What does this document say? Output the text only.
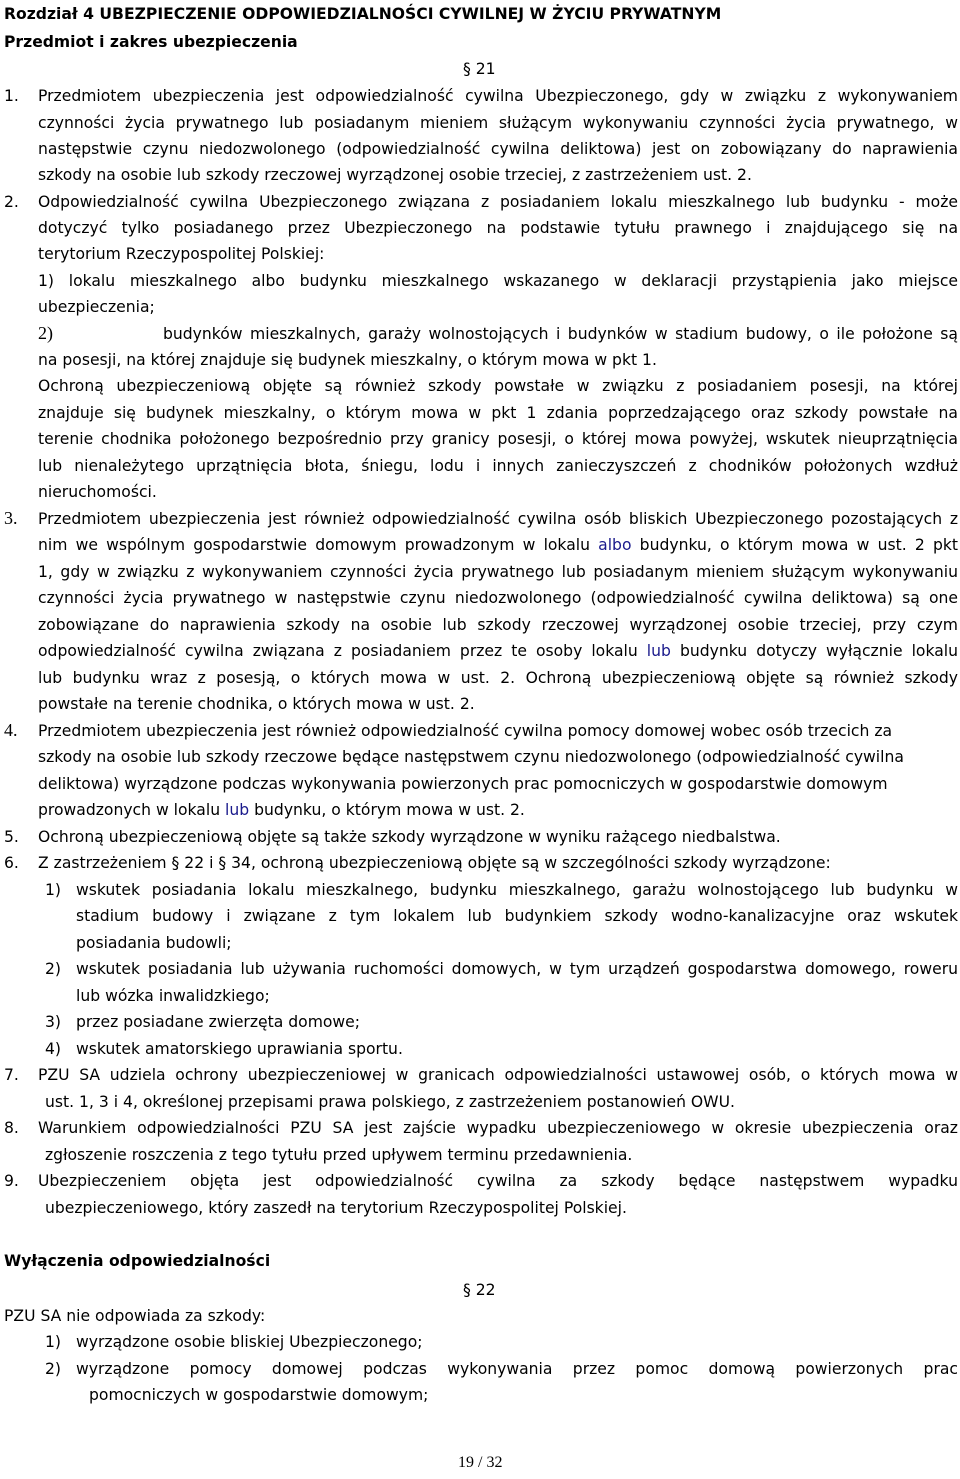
Rozdział 4 UBEZPIECZENIE ODPOWIEDZIALNOŚCI CYWILNEJ W ŻYCIU PRYWATNYM
Przedmiot i zakres ubezpieczenia
§ 21
1. Przedmiotem ubezpieczenia jest odpowiedzialność cywilna Ubezpieczonego, gdy w związku z wykonywaniem
czynności życia prywatnego lub posiadanym mieniem służącym wykonywaniu czynności życia prywatnego, w
następstwie czynu niedozwolonego (odpowiedzialność cywilna deliktowa) jest on zobowiązany do naprawienia
szkody na osobie lub szkody rzeczowej wyrządzonej osobie trzeciej, z zastrzeżeniem ust. 2.
2. Odpowiedzialność cywilna Ubezpieczonego związana z posiadaniem lokalu mieszkalnego lub budynku - może
dotyczyć tylko posiadanego przez Ubezpieczonego na podstawie tytułu prawnego i znajdującego się na
terytorium Rzeczypospolitej Polskiej:
1) lokalu mieszkalnego albo budynku mieszkalnego wskazanego w deklaracji przystąpienia jako miejsce
ubezpieczenia;
2)	budynków mieszkalnych, garaży wolnostojących i budynków w stadium budowy, o ile położone są
na posesji, na której znajduje się budynek mieszkalny, o którym mowa w pkt 1.
Ochroną ubezpieczeniową objęte są również szkody powstałe w związku z posiadaniem posesji, na której
znajduje się budynek mieszkalny, o którym mowa w pkt 1 zdania poprzedzającego oraz szkody powstałe na
terenie chodnika położonego bezpośrednio przy granicy posesji, o której mowa powyżej, wskutek nieuprzątnięcia
lub nienależytego uprzątnięcia błota, śniegu, lodu i innych zanieczyszczeń z chodników położonych wzdłuż
nieruchomości.
3. Przedmiotem ubezpieczenia jest również odpowiedzialność cywilna osób bliskich Ubezpieczonego pozostających z
nim we wspólnym gospodarstwie domowym prowadzonym w lokalu albo budynku, o którym mowa w ust. 2 pkt
1, gdy w związku z wykonywaniem czynności życia prywatnego lub posiadanym mieniem służącym wykonywaniu
czynności życia prywatnego w następstwie czynu niedozwolonego (odpowiedzialność cywilna deliktowa) są one
zobowiązane do naprawienia szkody na osobie lub szkody rzeczowej wyrządzonej osobie trzeciej, przy czym
odpowiedzialność cywilna związana z posiadaniem przez te osoby lokalu lub budynku dotyczy wyłącznie lokalu
lub budynku wraz z posesją, o których mowa w ust. 2. Ochroną ubezpieczeniową objęte są również szkody
powstałe na terenie chodnika, o których mowa w ust. 2.
4. Przedmiotem ubezpieczenia jest również odpowiedzialność cywilna pomocy domowej wobec osób trzecich za
szkody na osobie lub szkody rzeczowe będące następstwem czynu niedozwolonego (odpowiedzialność cywilna
deliktowa) wyrządzone podczas wykonywania powierzonych prac pomocniczych w gospodarstwie domowym
prowadzonych w lokalu lub budynku, o którym mowa w ust. 2.
5. Ochroną ubezpieczeniową objęte są także szkody wyrządzone w wyniku rażącego niedbalstwa.
6. Z zastrzeżeniem § 22 i § 34, ochroną ubezpieczeniową objęte są w szczególności szkody wyrządzone:
1) wskutek posiadania lokalu mieszkalnego, budynku mieszkalnego, garażu wolnostojącego lub budynku w
stadium budowy i związane z tym lokalem lub budynkiem szkody wodno-kanalizacyjne oraz wskutek
posiadania budowli;
2) wskutek posiadania lub używania ruchomości domowych, w tym urządzeń gospodarstwa domowego, roweru
lub wózka inwalidzkiego;
3) przez posiadane zwierzęta domowe;
4) wskutek amatorskiego uprawiania sportu.
7. PZU SA udziela ochrony ubezpieczeniowej w granicach odpowiedzialności ustawowej osób, o których mowa w
ust. 1, 3 i 4, określonej przepisami prawa polskiego, z zastrzeżeniem postanowień OWU.
8. Warunkiem odpowiedzialności PZU SA jest zajście wypadku ubezpieczeniowego w okresie ubezpieczenia oraz
zgłoszenie roszczenia z tego tytułu przed upływem terminu przedawnienia.
9. Ubezpieczeniem objęta jest odpowiedzialność cywilna za szkody będące następstwem wypadku
ubezpieczeniowego, który zaszedł na terytorium Rzeczypospolitej Polskiej.
Wyłączenia odpowiedzialności
§ 22
PZU SA nie odpowiada za szkody:
1) wyrządzone osobie bliskiej Ubezpieczonego;
2) wyrządzone pomocy domowej podczas wykonywania przez pomoc domową powierzonych prac
pomocniczych w gospodarstwie domowym;
19 / 32
